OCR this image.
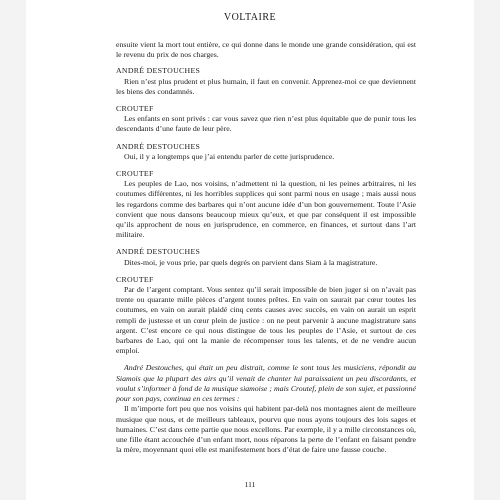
VOLTAIRE

ensuite vient la mort tout entière, ce qui donne dans le monde une grande considération, qui est le revenu du prix de nos charges.

ANDRÉ DESTOUCHES

Rien n’est plus prudent et plus humain, il faut en convenir. Apprenez-moi ce que deviennent les biens des condamnés.

CROUTEF

Les enfants en sont privés : car vous savez que rien n’est plus équitable que de punir tous les descendants d’une faute de leur père.

ANDRÉ DESTOUCHES

Oui, il y a longtemps que j’ai entendu parler de cette jurisprudence.

CROUTEF

Les peuples de Lao, nos voisins, n’admettent ni la question, ni les peines arbitraires, ni les coutumes différentes, ni les horribles supplices qui sont parmi nous en usage ; mais aussi nous les regardons comme des barbares qui n’ont aucune idée d’un bon gouvernement. Toute l’Asie convient que nous dansons beaucoup mieux qu’eux, et que par conséquent il est impossible qu’ils approchent de nous en jurisprudence, en commerce, en finances, et surtout dans l’art militaire.

ANDRÉ DESTOUCHES

Dites-moi, je vous prie, par quels degrés on parvient dans Siam à la magistrature.

CROUTEF

Par de l’argent comptant. Vous sentez qu’il serait impossible de bien juger si on n’avait pas trente ou quarante mille pièces d’argent toutes prêtes. En vain on saurait par cœur toutes les coutumes, en vain on aurait plaidé cinq cents causes avec succès, en vain on aurait un esprit rempli de justesse et un cœur plein de justice : on ne peut parvenir à aucune magistrature sans argent. C’est encore ce qui nous distingue de tous les peuples de l’Asie, et surtout de ces barbares de Lao, qui ont la manie de récompenser tous les talents, et de ne vendre aucun emploi.

André Destouches, qui était un peu distrait, comme le sont tous les musiciens, répondit au Siamois que la plupart des airs qu’il venait de chanter lui paraissaient un peu discordants, et voulut s’informer à fond de la musique siamoise ; mais Croutef, plein de son sujet, et passionné pour son pays, continua en ces termes :

Il m’importe fort peu que nos voisins qui habitent par-delà nos montagnes aient de meilleure musique que nous, et de meilleurs tableaux, pourvu que nous ayons toujours des lois sages et humaines. C’est dans cette partie que nous excellons. Par exemple, il y a mille circonstances où, une fille étant accouchée d’un enfant mort, nous réparons la perte de l’enfant en faisant pendre la mère, moyennant quoi elle est manifestement hors d’état de faire une fausse couche.

111
